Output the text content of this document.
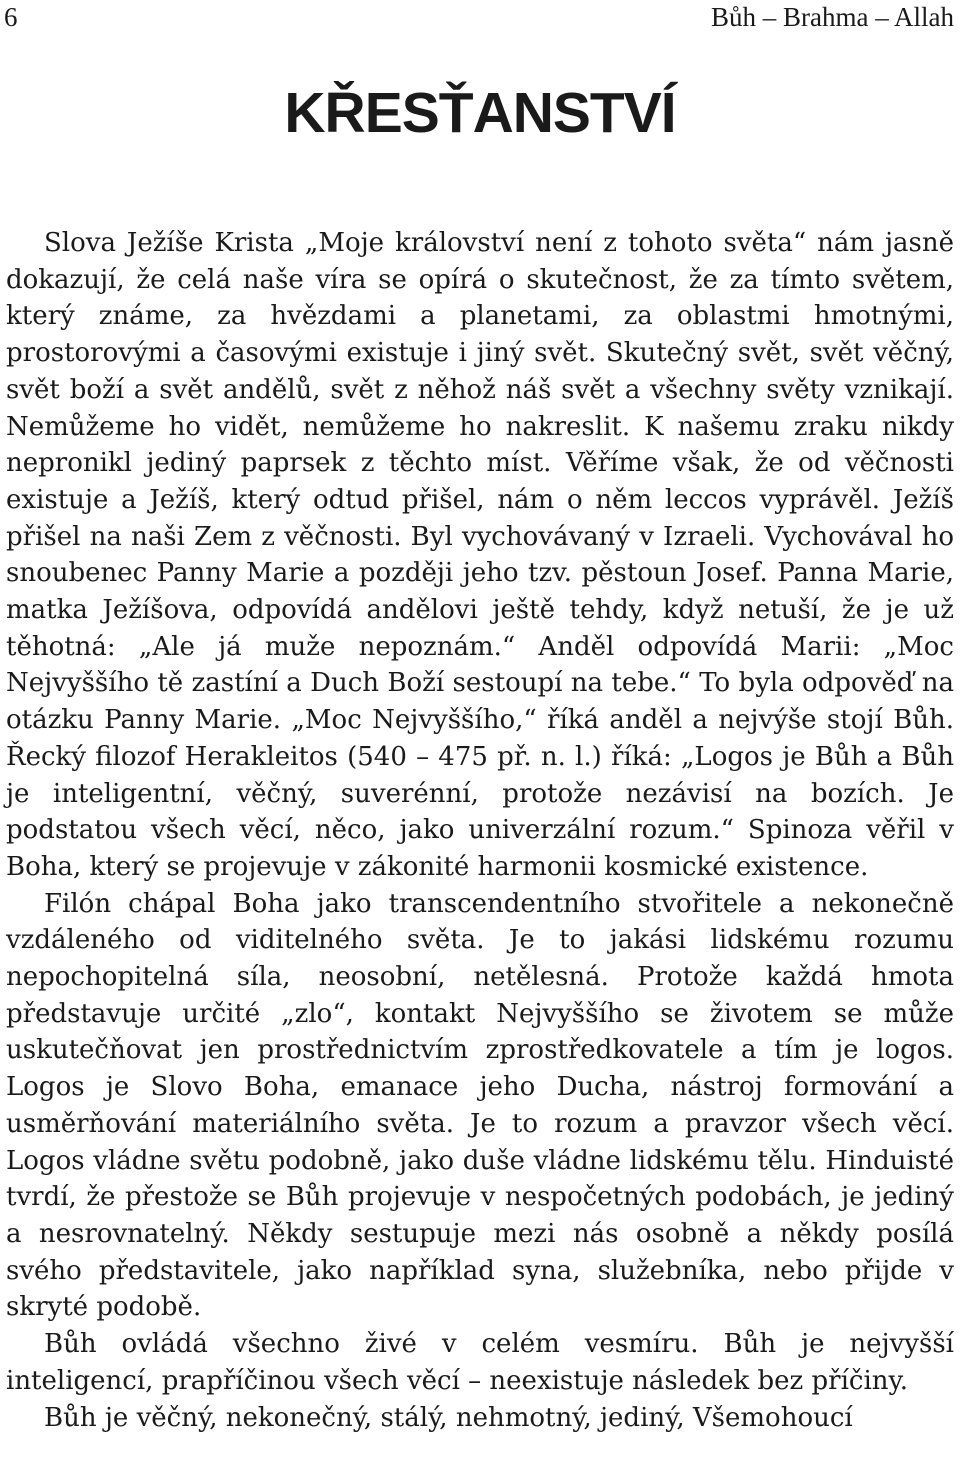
6	Bůh – Brahma – Allah
KŘESŤANSTVÍ

Slova Ježíše Krista „Moje království není z tohoto světa“ nám jasně dokazují, že celá naše víra se opírá o skutečnost, že za tímto světem, který známe, za hvězdami a planetami, za oblastmi hmotnými, prostorovými a časovými existuje i jiný svět. Skutečný svět, svět věčný, svět boží a svět andělů, svět z něhož náš svět a všechny světy vznikají. Nemůžeme ho vidět, nemůžeme ho nakreslit. K našemu zraku nikdy nepronikl jediný paprsek z těchto míst. Věříme však, že od věčnosti existuje a Ježíš, který odtud přišel, nám o něm leccos vyprávěl. Ježíš přišel na naši Zem z věčnosti. Byl vychovávaný v Izraeli. Vychovával ho snoubenec Panny Marie a později jeho tzv. pěstoun Josef. Panna Marie, matka Ježíšova, odpovídá andělovi ještě tehdy, když netuší, že je už těhotná: „Ale já muže nepoznám.“ Anděl odpovídá Marii: „Moc Nejvyššího tě zastíní a Duch Boží sestoupí na tebe.“ To byla odpověď na otázku Panny Marie. „Moc Nejvyššího,“ říká anděl a nejvýše stojí Bůh. Řecký filozof Herakleitos (540 – 475 př. n. l.) říká: „Logos je Bůh a Bůh je inteligentní, věčný, suverénní, protože nezávisí na bozích. Je podstatou všech věcí, něco, jako univerzální rozum.“ Spinoza věřil v Boha, který se projevuje v zákonité harmonii kosmické existence.

Filón chápal Boha jako transcendentního stvořitele a nekonečně vzdáleného od viditelného světa. Je to jakási lidskému rozumu nepochopitelná síla, neosobní, netělesná. Protože každá hmota představuje určité „zlo“, kontakt Nejvyššího se životem se může uskutečňovat jen prostřednictvím zprostředkovatele a tím je logos. Logos je Slovo Boha, emanace jeho Ducha, nástroj formování a usměrňování materiálního světa. Je to rozum a pravzor všech věcí. Logos vládne světu podobně, jako duše vládne lidskému tělu. Hinduisté tvrdí, že přestože se Bůh projevuje v nespočetných podobách, je jediný a nesrovnatelný. Někdy sestupuje mezi nás osobně a někdy posílá svého představitele, jako například syna, služebníka, nebo přijde v skryté podobě.

Bůh ovládá všechno živé v celém vesmíru. Bůh je nejvyšší inteligencí, prapříčinou všech věcí – neexistuje následek bez příčiny.

Bůh je věčný, nekonečný, stálý, nehmotný, jediný, Všemohoucí
